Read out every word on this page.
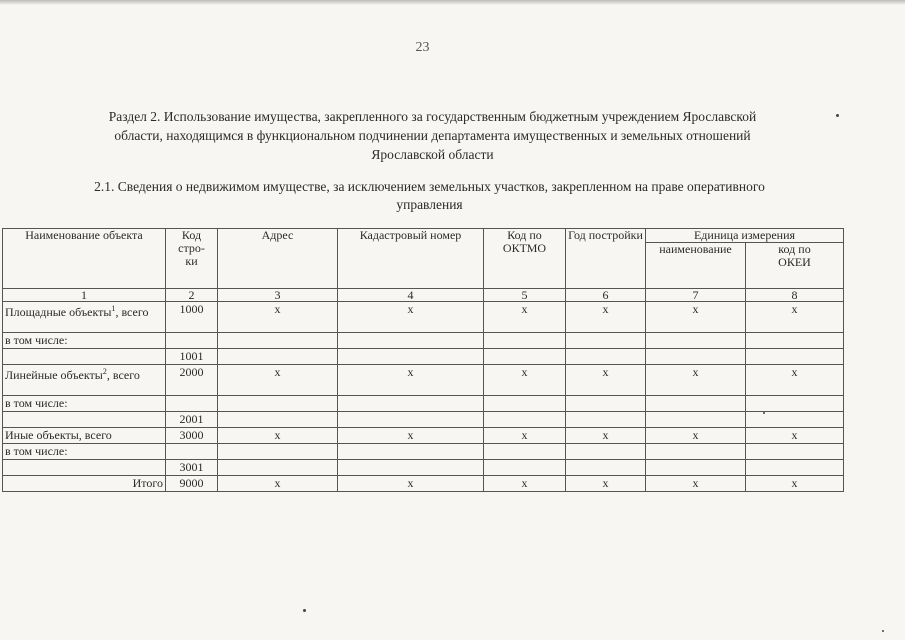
23
Раздел 2. Использование имущества, закрепленного за государственным бюджетным учреждением Ярославской
области, находящимся в функциональном подчинении департамента имущественных и земельных отношений
Ярославской области
2.1. Сведения о недвижимом имуществе, за исключением земельных участков, закрепленном на праве оперативного
управления
Наименование объекта	Код стро- ки	Адрес	Кадастровый номер	Код по ОКТМО	Год постройки	Единица измерения	
						наименование	код по ОКЕИ
1	2	3	4	5	6	7	8
Площадные объекты$^1$, всего	1000	x	x	x	x	x	x
в том числе:							
	1001						
Линейные объекты$^2$, всего	2000	x	x	x	x	x	x
в том числе:							
	2001						
Иные объекты, всего	3000	x	x	x	x	x	x
в том числе:							
	3001						
Итого	9000	x	x	x	x	x	x
